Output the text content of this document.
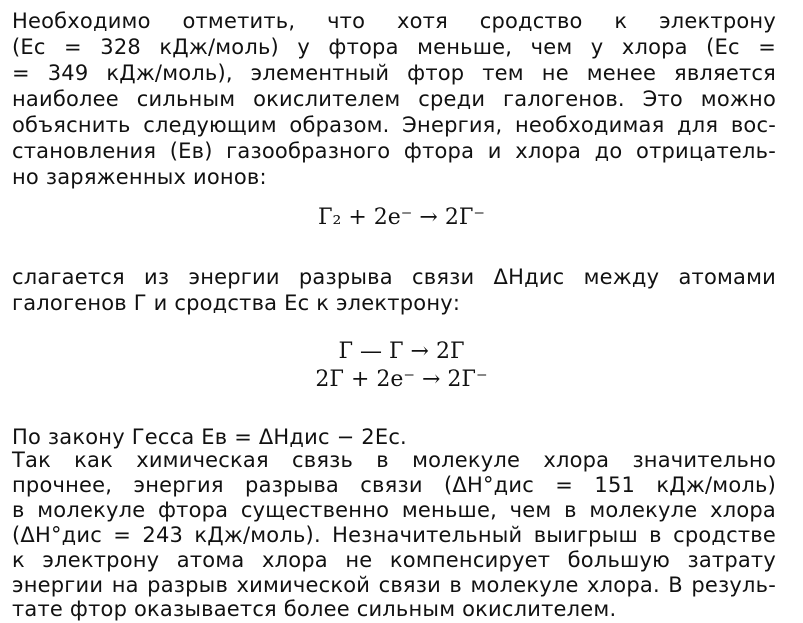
Необходимо отметить, что хотя сродство к электрону
(Eс = 328 кДж/моль) у фтора меньше, чем у хлора (Eс =
= 349 кДж/моль), элементный фтор тем не менее является
наиболее сильным окислителем среди галогенов. Это можно
объяснить следующим образом. Энергия, необходимая для вос-
становления (Eв) газообразного фтора и хлора до отрицатель-
но заряженных ионов:
Г₂ + 2e⁻ → 2Г⁻
слагается из энергии разрыва связи ΔHдис между атомами
галогенов Г и сродства Eс к электрону:
Г — Г → 2Г
2Г + 2e⁻ → 2Г⁻
По закону Гесса Eв = ΔHдис − 2Eс.
Так как химическая связь в молекуле хлора значительно
прочнее, энергия разрыва связи (ΔH°дис = 151 кДж/моль)
в молекуле фтора существенно меньше, чем в молекуле хлора
(ΔH°дис = 243 кДж/моль). Незначительный выигрыш в сродстве
к электрону атома хлора не компенсирует большую затрату
энергии на разрыв химической связи в молекуле хлора. В резуль-
тате фтор оказывается более сильным окислителем.
